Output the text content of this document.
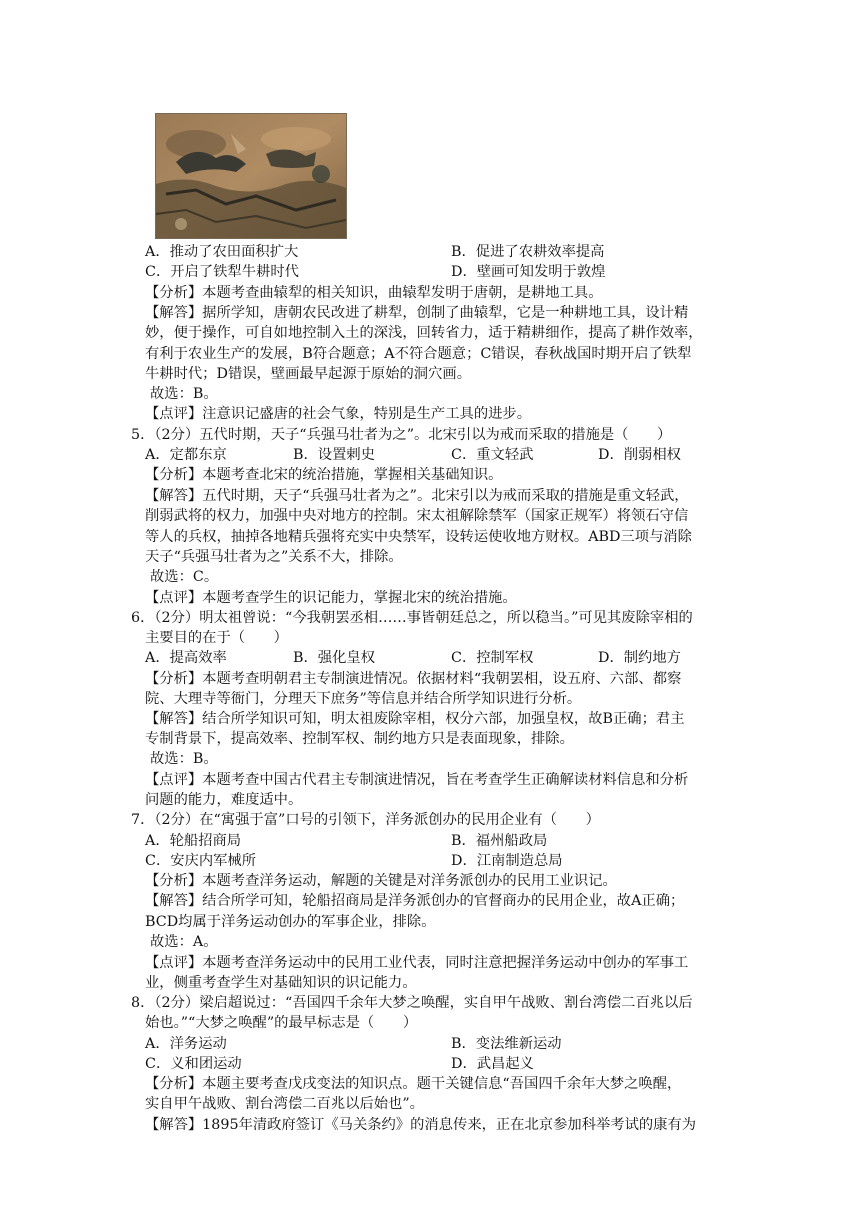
A．推动了农田面积扩大	B．促进了农耕效率提高
C．开启了铁犁牛耕时代	D．壁画可知发明于敦煌
【分析】本题考查曲辕犁的相关知识，曲辕犁发明于唐朝，是耕地工具。
【解答】据所学知，唐朝农民改进了耕犁，创制了曲辕犁，它是一种耕地工具，设计精
妙，便于操作，可自如地控制入土的深浅，回转省力，适于精耕细作，提高了耕作效率，
有利于农业生产的发展，B符合题意；A不符合题意；C错误，春秋战国时期开启了铁犁
牛耕时代；D错误，壁画最早起源于原始的洞穴画。
故选：B。
【点评】注意识记盛唐的社会气象，特别是生产工具的进步。
5．（2分）五代时期，天子“兵强马壮者为之”。北宋引以为戒而采取的措施是（　　）
A．定都东京	B．设置剌史	C．重文轻武	D．削弱相权
【分析】本题考查北宋的统治措施，掌握相关基础知识。
【解答】五代时期，天子“兵强马壮者为之”。北宋引以为戒而采取的措施是重文轻武，
削弱武将的权力，加强中央对地方的控制。宋太祖解除禁军（国家正规军）将领石守信
等人的兵权，抽掉各地精兵强将充实中央禁军，设转运使收地方财权。ABD三项与消除
天子“兵强马壮者为之”关系不大，排除。
故选：C。
【点评】本题考查学生的识记能力，掌握北宋的统治措施。
6．（2分）明太祖曾说：“今我朝罢丞相……事皆朝廷总之，所以稳当。”可见其废除宰相的
主要目的在于（　　）
A．提高效率	B．强化皇权	C．控制军权	D．制约地方
【分析】本题考查明朝君主专制演进情况。依据材料“我朝罢相，设五府、六部、都察
院、大理寺等衙门，分理天下庶务”等信息并结合所学知识进行分析。
【解答】结合所学知识可知，明太祖废除宰相，权分六部，加强皇权，故B正确；君主
专制背景下，提高效率、控制军权、制约地方只是表面现象，排除。
故选：B。
【点评】本题考查中国古代君主专制演进情况，旨在考查学生正确解读材料信息和分析
问题的能力，难度适中。
7．（2分）在“寓强于富”口号的引领下，洋务派创办的民用企业有（　　）
A．轮船招商局	B．福州船政局
C．安庆内军械所	D．江南制造总局
【分析】本题考查洋务运动，解题的关键是对洋务派创办的民用工业识记。
【解答】结合所学可知，轮船招商局是洋务派创办的官督商办的民用企业，故A正确；
BCD均属于洋务运动创办的军事企业，排除。
故选：A。
【点评】本题考查洋务运动中的民用工业代表，同时注意把握洋务运动中创办的军事工
业，侧重考查学生对基础知识的识记能力。
8．（2分）梁启超说过：“吾国四千余年大梦之唤醒，实自甲午战败、割台湾偿二百兆以后
始也。”“大梦之唤醒”的最早标志是（　　）
A．洋务运动	B．变法维新运动
C．义和团运动	D．武昌起义
【分析】本题主要考查戊戌变法的知识点。题干关键信息“吾国四千余年大梦之唤醒，
实自甲午战败、割台湾偿二百兆以后始也”。
【解答】1895年清政府签订《马关条约》的消息传来，正在北京参加科举考试的康有为
